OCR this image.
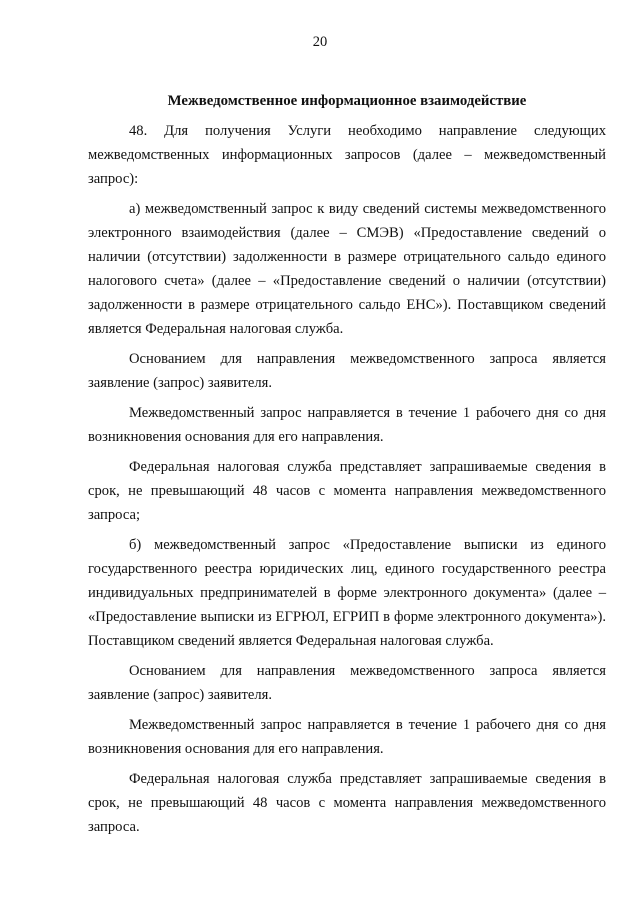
20
Межведомственное информационное взаимодействие

48. Для получения Услуги необходимо направление следующих межведомственных информационных запросов (далее – межведомственный запрос):

а) межведомственный запрос к виду сведений системы межведомственного электронного взаимодействия (далее – СМЭВ) «Предоставление сведений о наличии (отсутствии) задолженности в размере отрицательного сальдо единого налогового счета» (далее – «Предоставление сведений о наличии (отсутствии) задолженности в размере отрицательного сальдо ЕНС»). Поставщиком сведений является Федеральная налоговая служба.

Основанием для направления межведомственного запроса является заявление (запрос) заявителя.

Межведомственный запрос направляется в течение 1 рабочего дня со дня возникновения основания для его направления.

Федеральная налоговая служба представляет запрашиваемые сведения в срок, не превышающий 48 часов с момента направления межведомственного запроса;

б) межведомственный запрос «Предоставление выписки из единого государственного реестра юридических лиц, единого государственного реестра индивидуальных предпринимателей в форме электронного документа» (далее – «Предоставление выписки из ЕГРЮЛ, ЕГРИП в форме электронного документа»). Поставщиком сведений является Федеральная налоговая служба.

Основанием для направления межведомственного запроса является заявление (запрос) заявителя.

Межведомственный запрос направляется в течение 1 рабочего дня со дня возникновения основания для его направления.

Федеральная налоговая служба представляет запрашиваемые сведения в срок, не превышающий 48 часов с момента направления межведомственного запроса.
